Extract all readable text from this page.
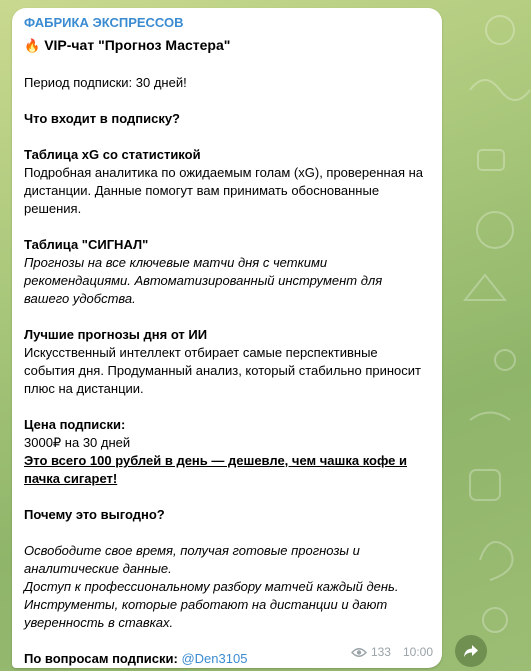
ФАБРИКА ЭКСПРЕССОВ
🔥 VIP-чат "Прогноз Мастера"

Период подписки: 30 дней!

Что входит в подписку?

Таблица xG со статистикой

Подробная аналитика по ожидаемым голам (xG), проверенная на дистанции. Данные помогут вам принимать обоснованные решения.

Таблица "СИГНАЛ"

Прогнозы на все ключевые матчи дня с четкими рекомендациями. Автоматизированный инструмент для вашего удобства.

Лучшие прогнозы дня от ИИ

Искусственный интеллект отбирает самые перспективные события дня. Продуманный анализ, который стабильно приносит плюс на дистанции.

Цена подписки:

3000₽ на 30 дней

Это всего 100 рублей в день — дешевле, чем чашка кофе и пачка сигарет!

Почему это выгодно?

Освободите свое время, получая готовые прогнозы и аналитические данные.

Доступ к профессиональному разбору матчей каждый день.

Инструменты, которые работают на дистанции и дают уверенность в ставках.

По вопросам подписки: @Den3105	133 10:00
